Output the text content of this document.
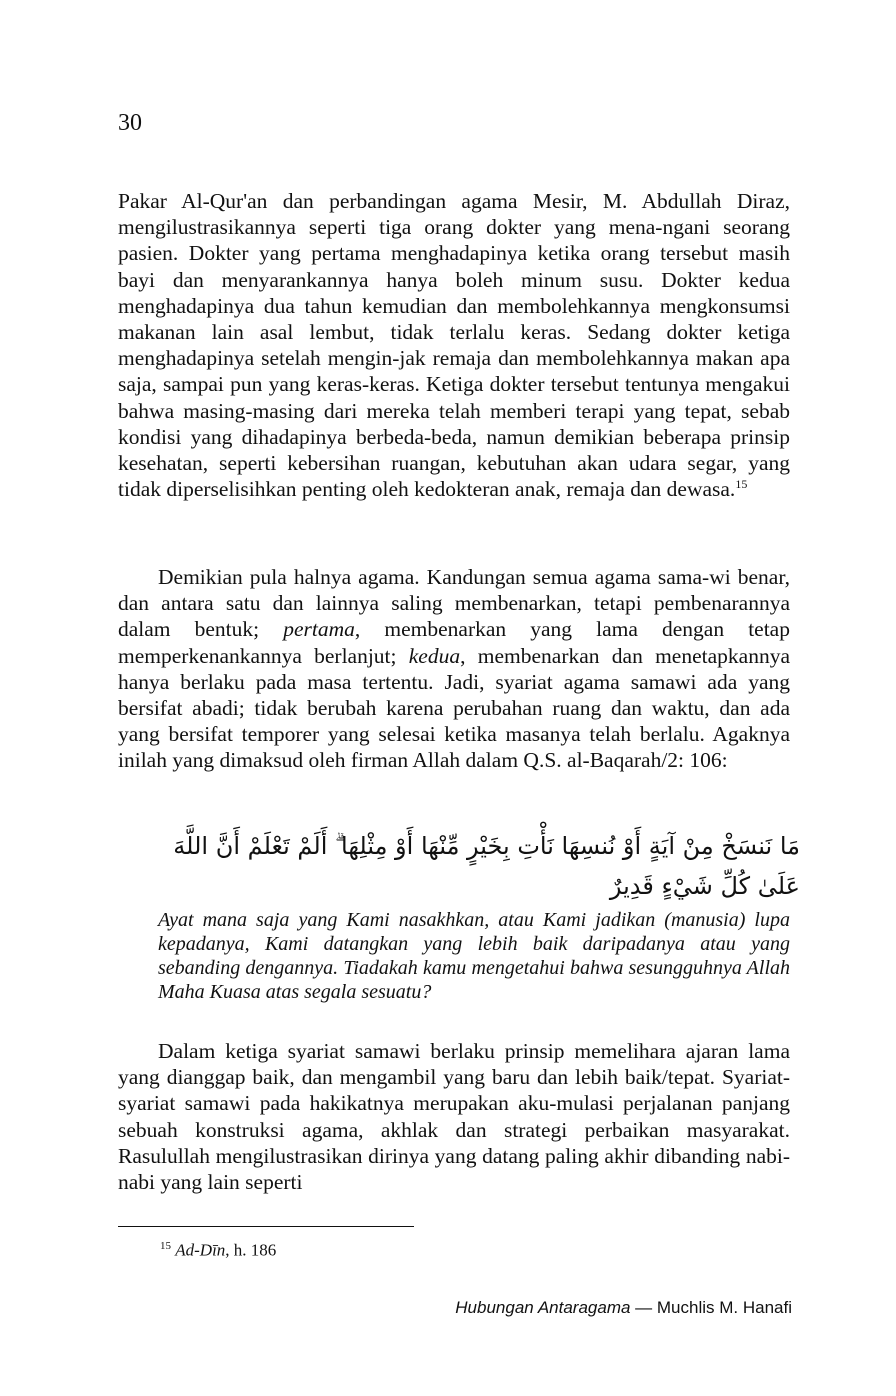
30

Pakar Al-Qur'an dan perbandingan agama Mesir, M. Abdullah Diraz, mengilustrasikannya seperti tiga orang dokter yang mena-ngani seorang pasien. Dokter yang pertama menghadapinya ketika orang tersebut masih bayi dan menyarankannya hanya boleh minum susu. Dokter kedua menghadapinya dua tahun kemudian dan membolehkannya mengkonsumsi makanan lain asal lembut, tidak terlalu keras. Sedang dokter ketiga menghadapinya setelah mengin-jak remaja dan membolehkannya makan apa saja, sampai pun yang keras-keras. Ketiga dokter tersebut tentunya mengakui bahwa masing-masing dari mereka telah memberi terapi yang tepat, sebab kondisi yang dihadapinya berbeda-beda, namun demikian beberapa prinsip kesehatan, seperti kebersihan ruangan, kebutuhan akan udara segar, yang tidak diperselisihkan penting oleh kedokteran anak, remaja dan dewasa.$^{15}$

Demikian pula halnya agama. Kandungan semua agama sama-wi benar, dan antara satu dan lainnya saling membenarkan, tetapi pembenarannya dalam bentuk; pertama, membenarkan yang lama dengan tetap memperkenankannya berlanjut; kedua, membenarkan dan menetapkannya hanya berlaku pada masa tertentu. Jadi, syariat agama samawi ada yang bersifat abadi; tidak berubah karena perubahan ruang dan waktu, dan ada yang bersifat temporer yang selesai ketika masanya telah berlalu. Agaknya inilah yang dimaksud oleh firman Allah dalam Q.S. al-Baqarah/2: 106:

مَا نَنسَخْ مِنْ آيَةٍ أَوْ نُنسِهَا نَأْتِ بِخَيْرٍ مِّنْهَا أَوْ مِثْلِهَا ۗ أَلَمْ تَعْلَمْ أَنَّ اللَّهَ عَلَىٰ كُلِّ شَيْءٍ قَدِيرٌ
Ayat mana saja yang Kami nasakhkan, atau Kami jadikan (manusia) lupa kepadanya, Kami datangkan yang lebih baik daripadanya atau yang sebanding dengannya. Tiadakah kamu mengetahui bahwa sesungguhnya Allah Maha Kuasa atas segala sesuatu?

Dalam ketiga syariat samawi berlaku prinsip memelihara ajaran lama yang dianggap baik, dan mengambil yang baru dan lebih baik/tepat. Syariat-syariat samawi pada hakikatnya merupakan aku-mulasi perjalanan panjang sebuah konstruksi agama, akhlak dan strategi perbaikan masyarakat. Rasulullah mengilustrasikan dirinya yang datang paling akhir dibanding nabi-nabi yang lain seperti

$^{15}$ Ad-Dīn, h. 186
Hubungan Antaragama — Muchlis M. Hanafi
